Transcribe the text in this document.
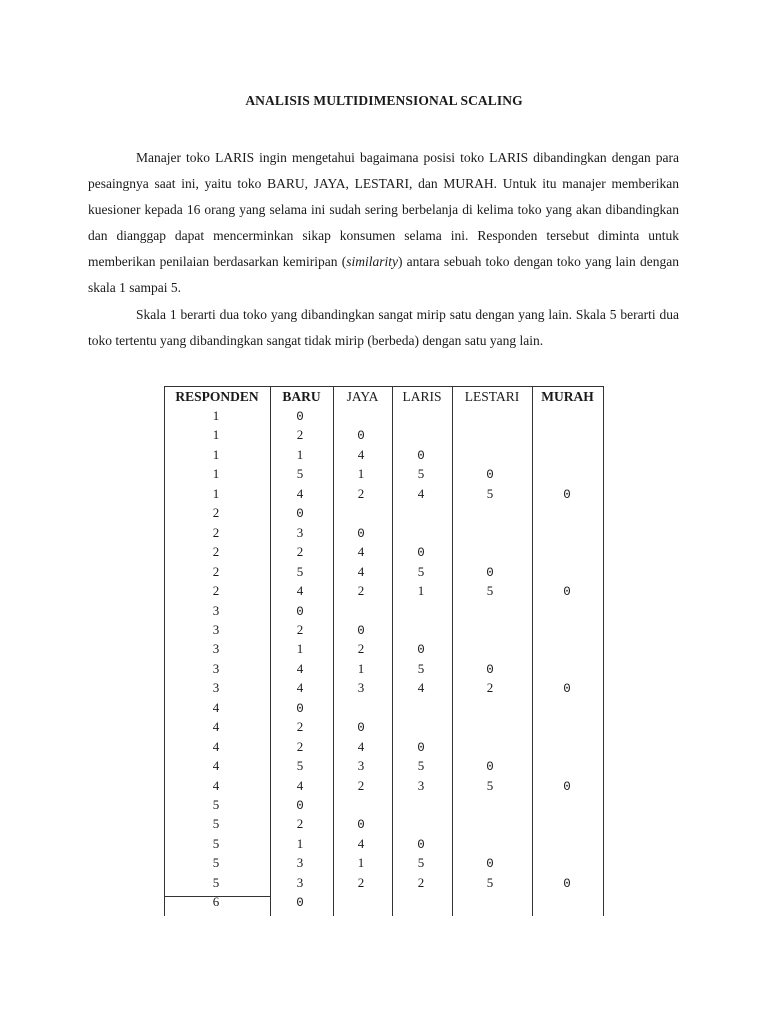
ANALISIS MULTIDIMENSIONAL SCALING

Manajer toko LARIS ingin mengetahui bagaimana posisi toko LARIS dibandingkan dengan para pesaingnya saat ini, yaitu toko BARU, JAYA, LESTARI, dan MURAH. Untuk itu manajer memberikan kuesioner kepada 16 orang yang selama ini sudah sering berbelanja di kelima toko yang akan dibandingkan dan dianggap dapat mencerminkan sikap konsumen selama ini. Responden tersebut diminta untuk memberikan penilaian berdasarkan kemiripan (similarity) antara sebuah toko dengan toko yang lain dengan skala 1 sampai 5.

Skala 1 berarti dua toko yang dibandingkan sangat mirip satu dengan yang lain. Skala 5 berarti dua toko tertentu yang dibandingkan sangat tidak mirip (berbeda) dengan satu yang lain.

RESPONDEN	BARU	JAYA	LARIS	LESTARI	MURAH
1	0
1	2	0
1	1	4	0
1	5	1	5	0
1	4	2	4	5	0
2	0
2	3	0
2	2	4	0
2	5	4	5	0
2	4	2	1	5	0
3	0
3	2	0
3	1	2	0
3	4	1	5	0
3	4	3	4	2	0
4	0
4	2	0
4	2	4	0
4	5	3	5	0
4	4	2	3	5	0
5	0
5	2	0
5	1	4	0
5	3	1	5	0
5	3	2	2	5	0
6	0
